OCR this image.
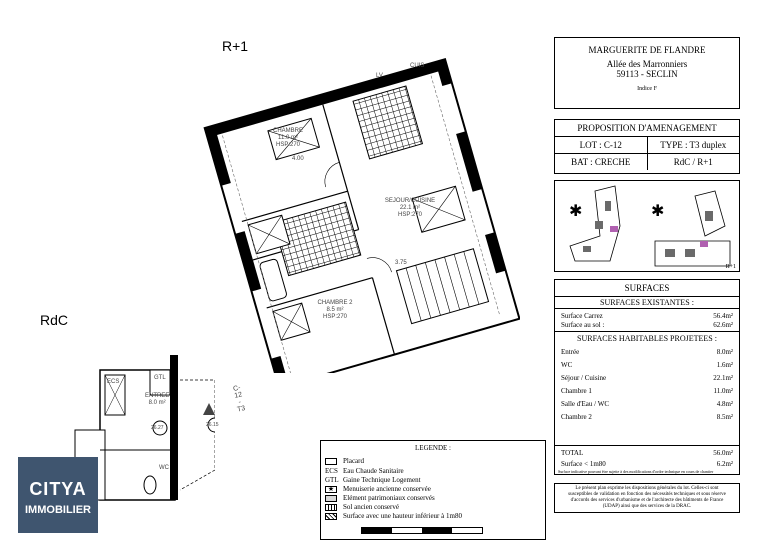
R+1
RdC
CHAMBRE
11.0 m²
HSP:270
SEJOUR/CUISINE
22.1 m²
HSP:270
CHAMBRE 2
8.5 m²
HSP:270
4.00
3.75
LV
CUIS
ENTREE
8.0 m²
WC
ECS
GTL
26.27	26.15
C-12 - T3
CITYA
IMMOBILIER
LEGENDE :
Placard
ECS Eau Chaude Sanitaire
GTL Gaine Technique Logement
★	Menuiserie ancienne conservée
Elément patrimoniaux conservés
Sol ancien conservé
Surface avec une hauteur inférieur à 1m80
MARGUERITE DE FLANDRE
Allée des Marronniers
59113 - SECLIN
Indice F
PROPOSITION D'AMENAGEMENT
LOT : C-12	TYPE : T3 duplex
BAT : CRECHE	RdC / R+1
✱	✱
R+1
SURFACES
SURFACES EXISTANTES :
Surface Carrez	56.4m²
Surface au sol :	62.6m²
SURFACES HABITABLES PROJETEES :
Entrée	8.0m²
WC	1.6m²
Séjour / Cuisine	22.1m²
Chambre 1	11.0m²
Salle d'Eau / WC	4.8m²
Chambre 2	8.5m²
TOTAL	56.0m²
Surface < 1m80	6.2m²
Surface indicative pouvant être sujette à des modifications d'ordre technique en cours de chantier
Le présent plan exprime les dispositions générales du lot. Celles-ci sont susceptibles de validation en fonction des nécessités techniques et sous réserve d'accords des services d'urbanisme et de l'architecte des bâtiments de France (UDAP) ainsi que des services de la DRAC.
